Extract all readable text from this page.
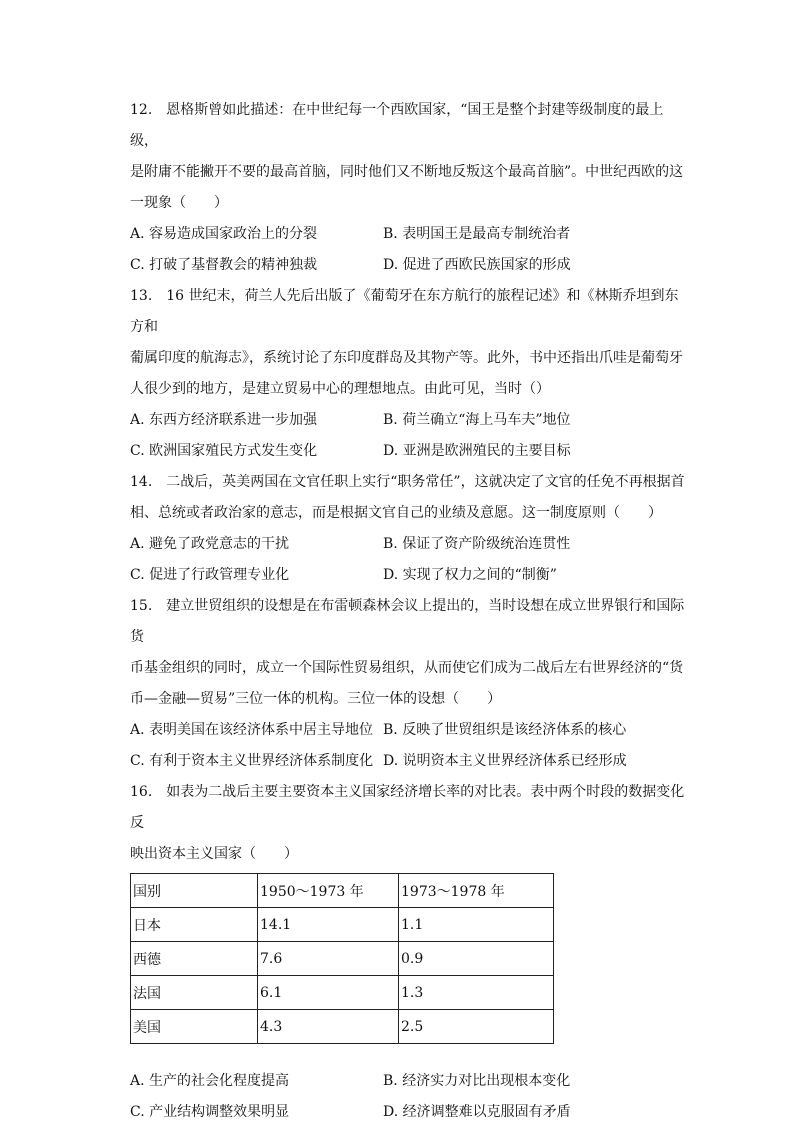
12.　恩格斯曾如此描述：在中世纪每一个西欧国家，“国王是整个封建等级制度的最上级，
是附庸不能撇开不要的最高首脑，同时他们又不断地反叛这个最高首脑”。中世纪西欧的这
一现象（　　）

A. 容易造成国家政治上的分裂	B. 表明国王是最高专制统治者
C. 打破了基督教会的精神独裁	D. 促进了西欧民族国家的形成

13.　16 世纪末，荷兰人先后出版了《葡萄牙在东方航行的旅程记述》和《林斯乔坦到东方和
葡属印度的航海志》，系统讨论了东印度群岛及其物产等。此外，书中还指出爪哇是葡萄牙
人很少到的地方，是建立贸易中心的理想地点。由此可见，当时（）

A. 东西方经济联系进一步加强	B. 荷兰确立“海上马车夫”地位
C. 欧洲国家殖民方式发生变化	D. 亚洲是欧洲殖民的主要目标

14.　二战后，英美两国在文官任职上实行“职务常任”，这就决定了文官的任免不再根据首
相、总统或者政治家的意志，而是根据文官自己的业绩及意愿。这一制度原则（　　）

A. 避免了政党意志的干扰	B. 保证了资产阶级统治连贯性
C. 促进了行政管理专业化	D. 实现了权力之间的“制衡”

15.　建立世贸组织的设想是在布雷顿森林会议上提出的，当时设想在成立世界银行和国际货
币基金组织的同时，成立一个国际性贸易组织，从而使它们成为二战后左右世界经济的“货
币—金融—贸易”三位一体的机构。三位一体的设想（　　）

A. 表明美国在该经济体系中居主导地位 B. 反映了世贸组织是该经济体系的核心
C. 有利于资本主义世界经济体系制度化 D. 说明资本主义世界经济体系已经形成

16.　如表为二战后主要主要资本主义国家经济增长率的对比表。表中两个时段的数据变化反
映出资本主义国家（　　）

国别	1950～1973 年	1973～1978 年
日本	14.1	1.1
西德	7.6	0.9
法国	6.1	1.3
美国	4.3	2.5
A. 生产的社会化程度提高	B. 经济实力对比出现根本变化
C. 产业结构调整效果明显	D. 经济调整难以克服固有矛盾
